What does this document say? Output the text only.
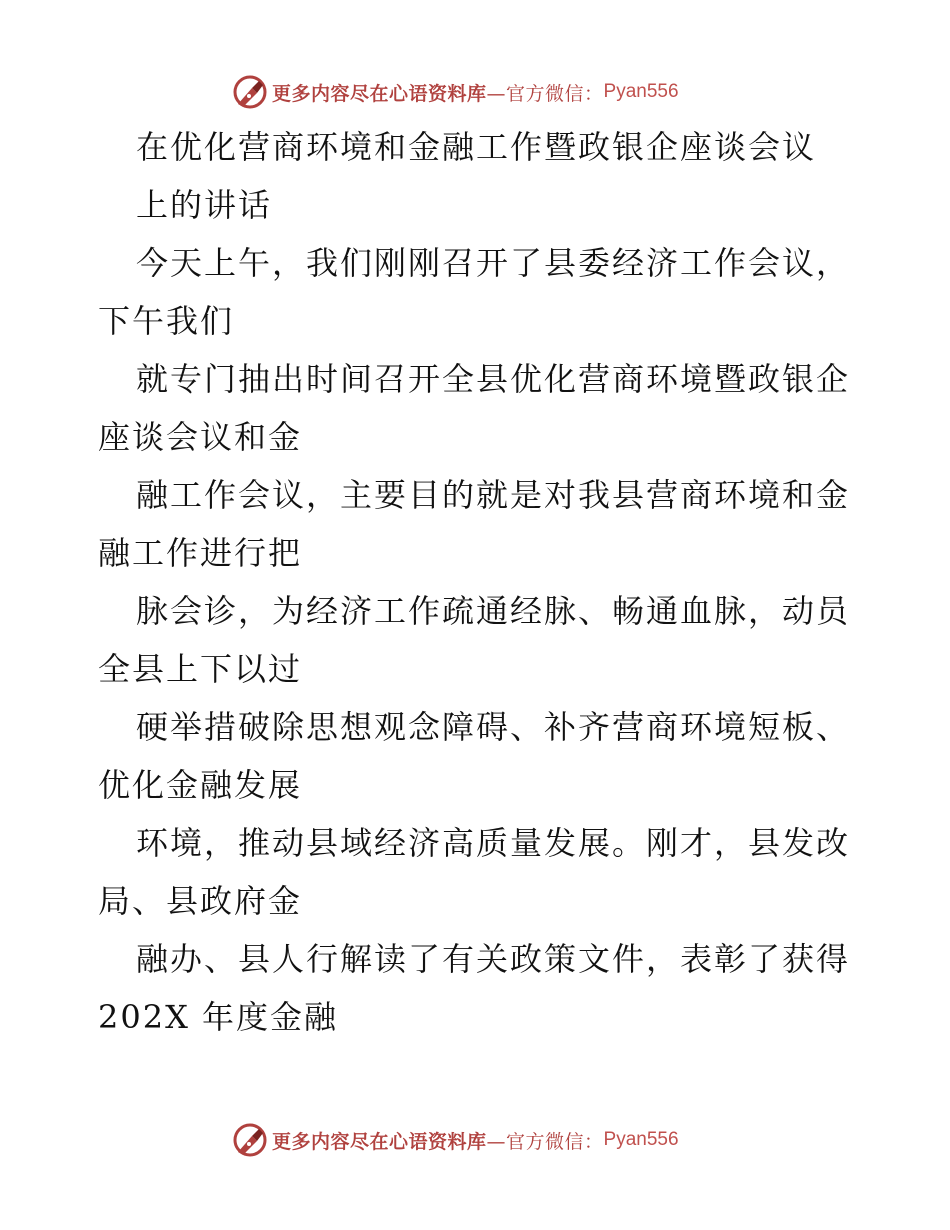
更多内容尽在心语资料库 —官方微信： Pyan556
在优化营商环境和金融工作暨政银企座谈会议
上的讲话
今天上午，我们刚刚召开了县委经济工作会议，
下午我们
就专门抽出时间召开全县优化营商环境暨政银企
座谈会议和金
融工作会议，主要目的就是对我县营商环境和金
融工作进行把
脉会诊，为经济工作疏通经脉、畅通血脉，动员
全县上下以过
硬举措破除思想观念障碍、补齐营商环境短板、
优化金融发展
环境，推动县域经济高质量发展。刚才，县发改
局、县政府金
融办、县人行解读了有关政策文件，表彰了获得
202X 年度金融
更多内容尽在心语资料库 —官方微信： Pyan556
